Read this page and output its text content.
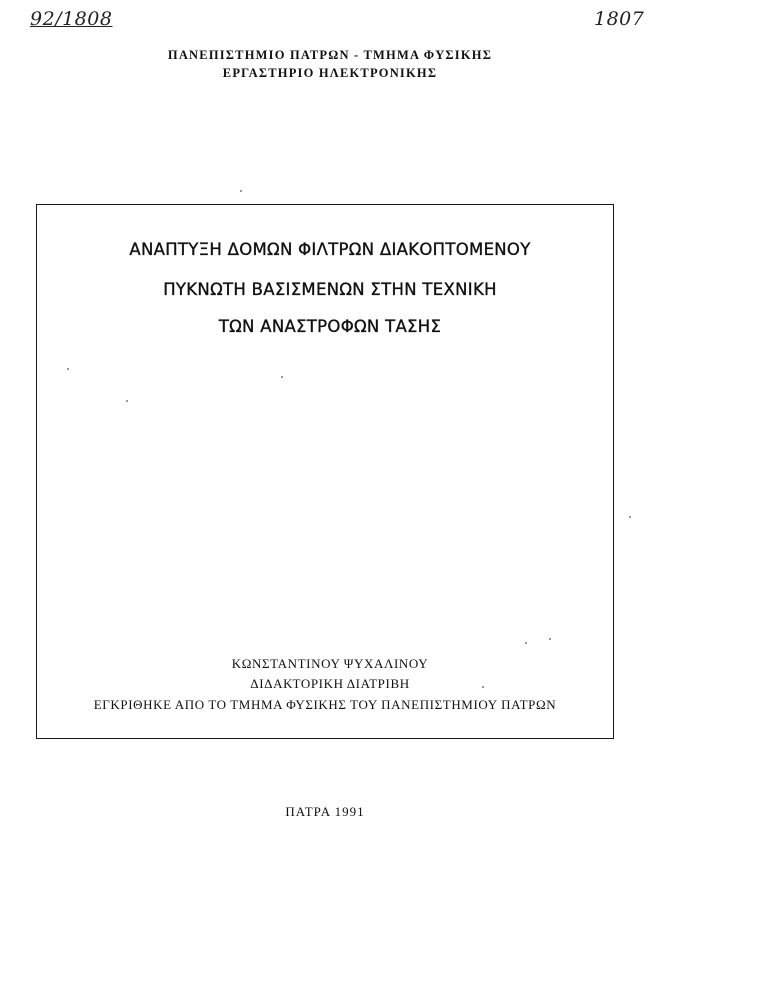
92/1808	1807
ΠΑΝΕΠΙΣΤΗΜΙΟ ΠΑΤΡΩΝ - ΤΜΗΜΑ ΦΥΣΙΚΗΣ
ΕΡΓΑΣΤΗΡΙΟ ΗΛΕΚΤΡΟΝΙΚΗΣ
ΑΝΑΠΤΥΞΗ ΔΟΜΩΝ ΦΙΛΤΡΩΝ ΔΙΑΚΟΠΤΟΜΕΝΟΥ
ΠΥΚΝΩΤΗ ΒΑΣΙΣΜΕΝΩΝ ΣΤΗΝ ΤΕΧΝΙΚΗ
ΤΩΝ ΑΝΑΣΤΡΟΦΩΝ ΤΑΣΗΣ
ΚΩΝΣΤΑΝΤΙΝΟΥ ΨΥΧΑΛΙΝΟΥ
ΔΙΔΑΚΤΟΡΙΚΗ ΔΙΑΤΡΙΒΗ
ΕΓΚΡΙΘΗΚΕ ΑΠΟ ΤΟ ΤΜΗΜΑ ΦΥΣΙΚΗΣ ΤΟΥ ΠΑΝΕΠΙΣΤΗΜΙΟΥ ΠΑΤΡΩΝ
ΠΑΤΡΑ 1991
